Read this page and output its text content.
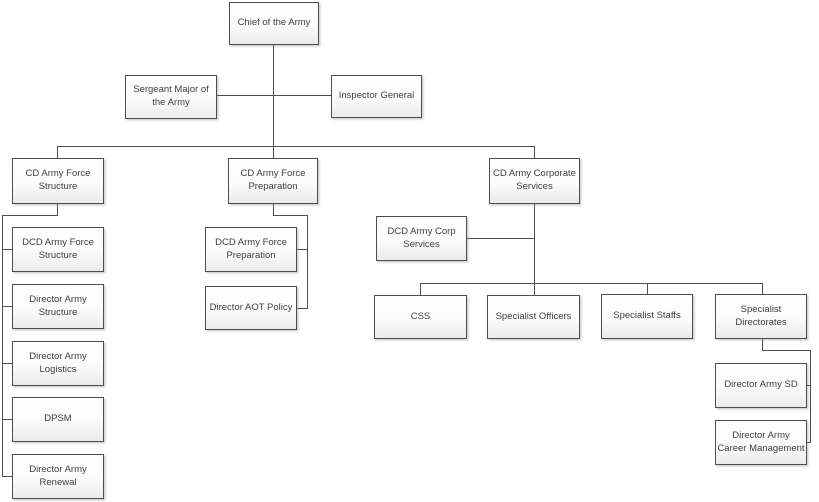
Chief of the Army
Sergeant Major of the Army
Inspector General
CD Army Force Structure
CD Army Force Preparation
CD Army Corporate Services
DCD Army Force Structure
Director Army Structure
Director Army Logistics
DPSM
Director Army Renewal
DCD Army Force Preparation
Director AOT Policy
DCD Army Corp Services
CSS	Specialist Officers	Specialist Staffs
Specialist Directorates
Director Army SD
Director Army Career Management
